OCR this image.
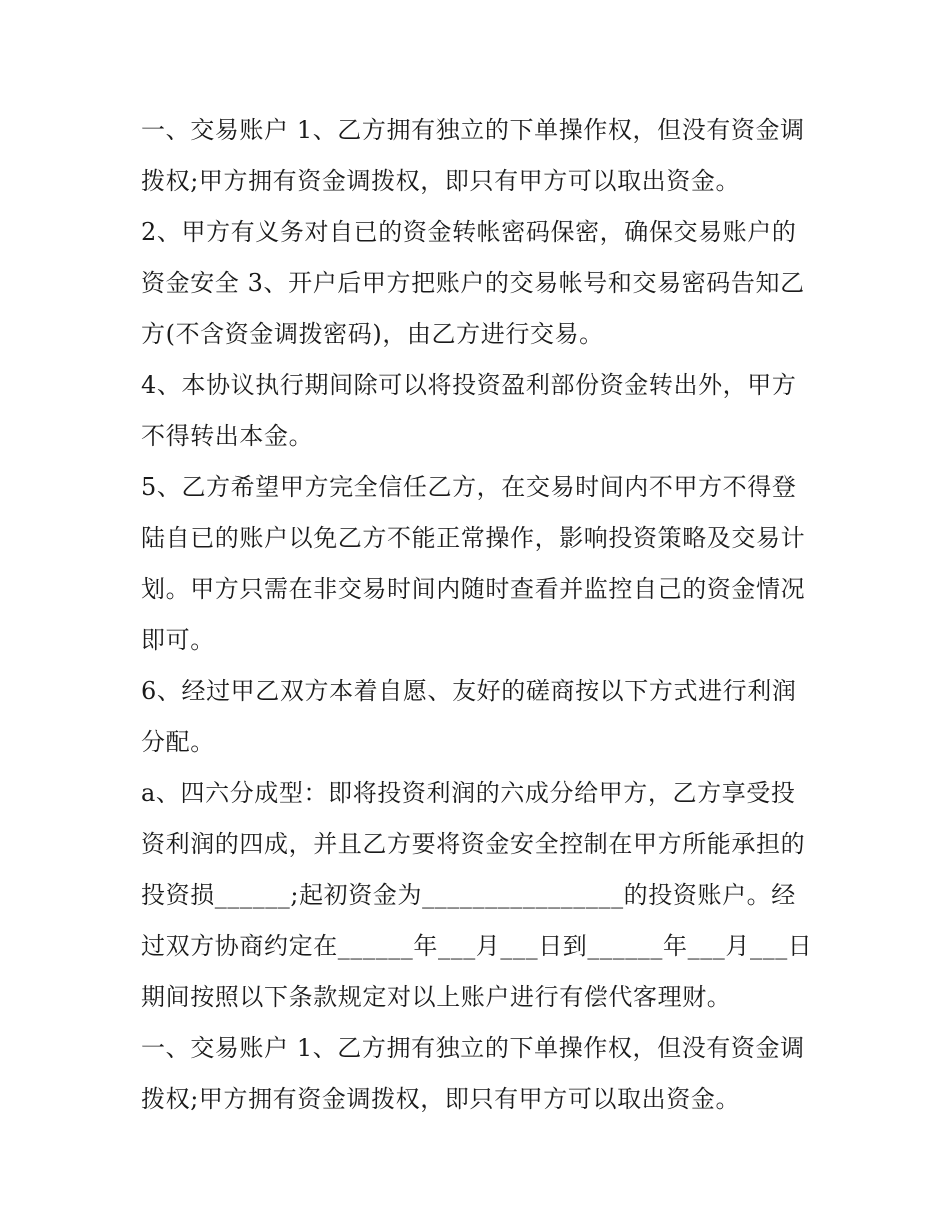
一、交易账户 1、乙方拥有独立的下单操作权，但没有资金调
拨权;甲方拥有资金调拨权，即只有甲方可以取出资金。
2、甲方有义务对自已的资金转帐密码保密，确保交易账户的
资金安全 3、开户后甲方把账户的交易帐号和交易密码告知乙
方(不含资金调拨密码)，由乙方进行交易。
4、本协议执行期间除可以将投资盈利部份资金转出外，甲方
不得转出本金。
5、乙方希望甲方完全信任乙方，在交易时间内不甲方不得登
陆自已的账户以免乙方不能正常操作，影响投资策略及交易计
划。甲方只需在非交易时间内随时查看并监控自己的资金情况
即可。
6、经过甲乙双方本着自愿、友好的磋商按以下方式进行利润
分配。
a、四六分成型：即将投资利润的六成分给甲方，乙方享受投
资利润的四成，并且乙方要将资金安全控制在甲方所能承担的
投资损______;起初资金为________________的投资账户。经
过双方协商约定在______年___月___日到______年___月___日
期间按照以下条款规定对以上账户进行有偿代客理财。
一、交易账户 1、乙方拥有独立的下单操作权，但没有资金调
拨权;甲方拥有资金调拨权，即只有甲方可以取出资金。
